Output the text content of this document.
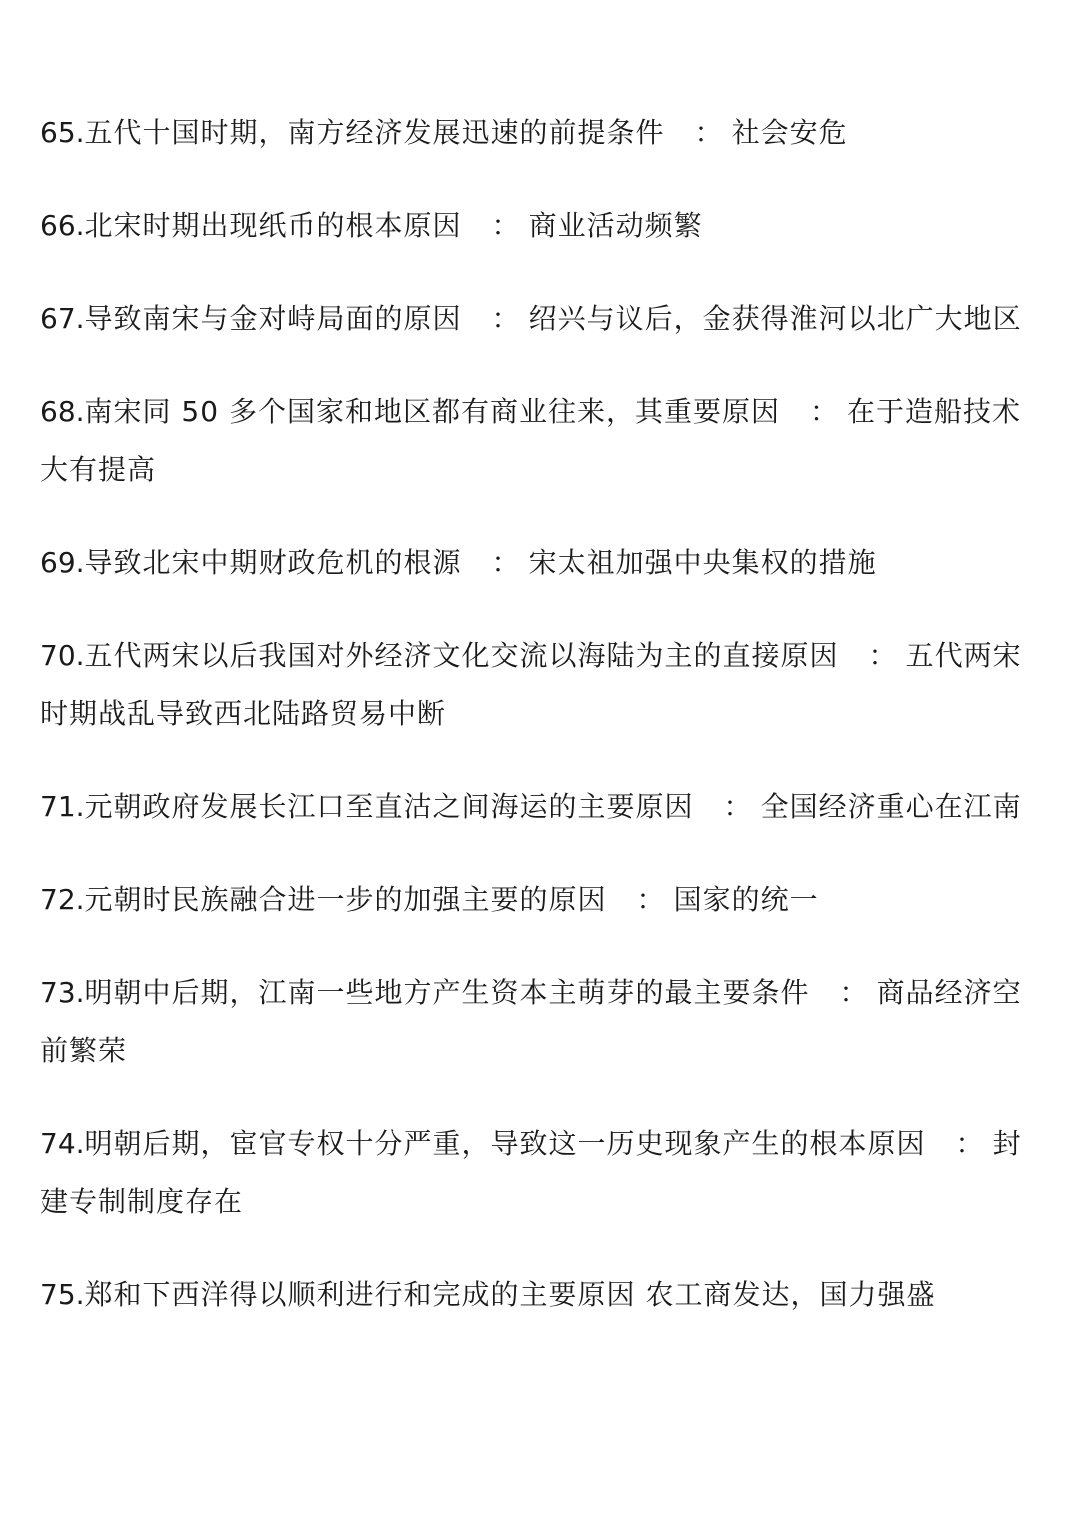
65.五代十国时期，南方经济发展迅速的前提条件 ： 社会安危
66.北宋时期出现纸币的根本原因 ： 商业活动频繁
67.导致南宋与金对峙局面的原因 ： 绍兴与议后，金获得淮河以北广大地区
68.南宋同 50 多个国家和地区都有商业往来，其重要原因 ： 在于造船技术大有提高
69.导致北宋中期财政危机的根源 ： 宋太祖加强中央集权的措施
70.五代两宋以后我国对外经济文化交流以海陆为主的直接原因 ： 五代两宋时期战乱导致西北陆路贸易中断
71.元朝政府发展长江口至直沽之间海运的主要原因 ： 全国经济重心在江南
72.元朝时民族融合进一步的加强主要的原因 ： 国家的统一
73.明朝中后期，江南一些地方产生资本主萌芽的最主要条件 ： 商品经济空前繁荣
74.明朝后期，宦官专权十分严重，导致这一历史现象产生的根本原因 ： 封建专制制度存在
75.郑和下西洋得以顺利进行和完成的主要原因 农工商发达，国力强盛
